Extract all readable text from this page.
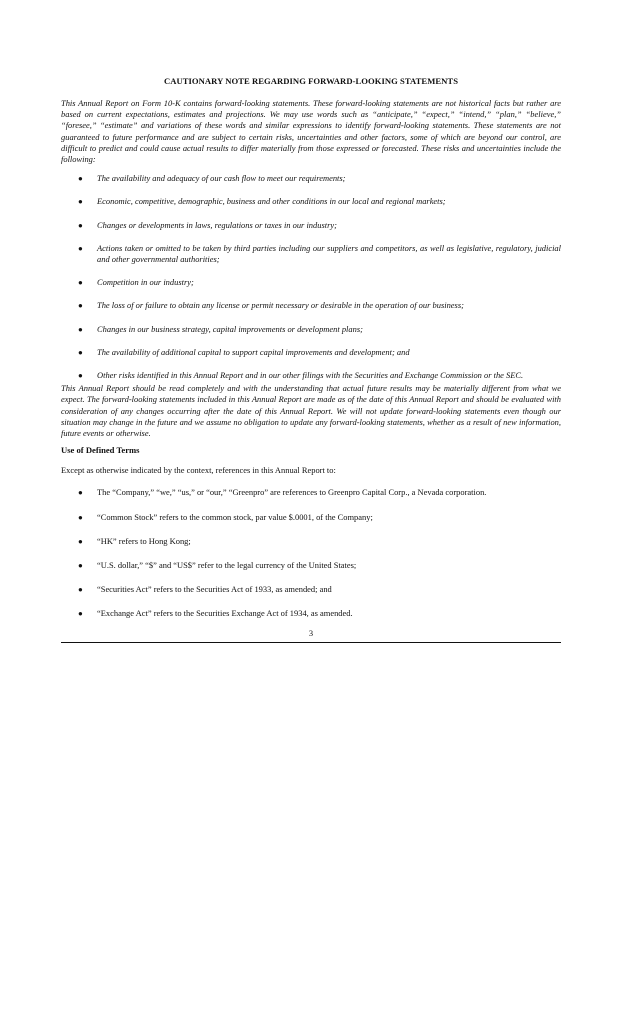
CAUTIONARY NOTE REGARDING FORWARD-LOOKING STATEMENTS

This Annual Report on Form 10-K contains forward-looking statements. These forward-looking statements are not historical facts but rather are based on current expectations, estimates and projections. We may use words such as “anticipate,” “expect,” “intend,” “plan,” “believe,” “foresee,” “estimate” and variations of these words and similar expressions to identify forward-looking statements. These statements are not guaranteed to future performance and are subject to certain risks, uncertainties and other factors, some of which are beyond our control, are difficult to predict and could cause actual results to differ materially from those expressed or forecasted. These risks and uncertainties include the following:

● The availability and adequacy of our cash flow to meet our requirements;
● Economic, competitive, demographic, business and other conditions in our local and regional markets;
● Changes or developments in laws, regulations or taxes in our industry;
● Actions taken or omitted to be taken by third parties including our suppliers and competitors, as well as legislative, regulatory, judicial and other governmental authorities;
● Competition in our industry;
● The loss of or failure to obtain any license or permit necessary or desirable in the operation of our business;
● Changes in our business strategy, capital improvements or development plans;
● The availability of additional capital to support capital improvements and development; and
● Other risks identified in this Annual Report and in our other filings with the Securities and Exchange Commission or the SEC.

This Annual Report should be read completely and with the understanding that actual future results may be materially different from what we expect. The forward-looking statements included in this Annual Report are made as of the date of this Annual Report and should be evaluated with consideration of any changes occurring after the date of this Annual Report. We will not update forward-looking statements even though our situation may change in the future and we assume no obligation to update any forward-looking statements, whether as a result of new information, future events or otherwise.

Use of Defined Terms

Except as otherwise indicated by the context, references in this Annual Report to:

● The “Company,” “we,” “us,” or “our,” “Greenpro” are references to Greenpro Capital Corp., a Nevada corporation.
● “Common Stock” refers to the common stock, par value $.0001, of the Company;
● “HK” refers to Hong Kong;
● “U.S. dollar,” “$” and “US$” refer to the legal currency of the United States;
● “Securities Act” refers to the Securities Act of 1933, as amended; and
● “Exchange Act” refers to the Securities Exchange Act of 1934, as amended.
3
